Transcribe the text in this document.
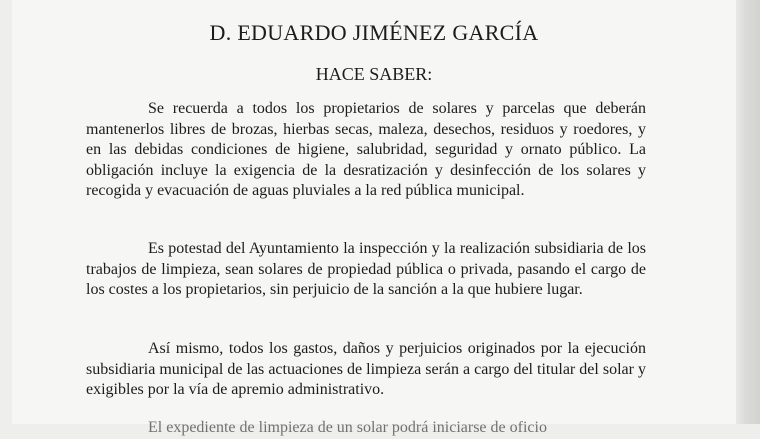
D. EDUARDO JIMÉNEZ GARCÍA
HACE SABER:

Se recuerda a todos los propietarios de solares y parcelas que deberán mantenerlos libres de brozas, hierbas secas, maleza, desechos, residuos y roedores, y en las debidas condiciones de higiene, salubridad, seguridad y ornato público. La obligación incluye la exigencia de la desratización y desinfección de los solares y recogida y evacuación de aguas pluviales a la red pública municipal.

Es potestad del Ayuntamiento la inspección y la realización subsidiaria de los trabajos de limpieza, sean solares de propiedad pública o privada, pasando el cargo de los costes a los propietarios, sin perjuicio de la sanción a la que hubiere lugar.

Así mismo, todos los gastos, daños y perjuicios originados por la ejecución subsidiaria municipal de las actuaciones de limpieza serán a cargo del titular del solar y exigibles por la vía de apremio administrativo.

El expediente de limpieza de un solar podrá iniciarse de oficio
